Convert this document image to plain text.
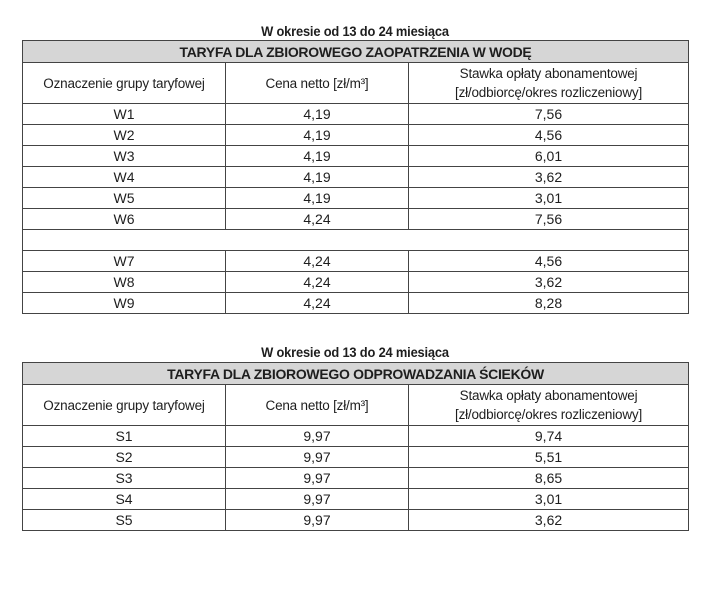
W okresie od 13 do 24 miesiąca
TARYFA DLA ZBIOROWEGO ZAOPATRZENIA W WODĘ		
Oznaczenie grupy taryfowej	Cena netto [zł/m³]	Stawka opłaty abonamentowej
[zł/odbiorcę/okres rozliczeniowy]

W1	4,19	7,56
W2	4,19	4,56
W3	4,19	6,01
W4	4,19	3,62
W5	4,19	3,01
W6	4,24	7,56

W7	4,24	4,56
W8	4,24	3,62
W9	4,24	8,28
W okresie od 13 do 24 miesiąca
TARYFA DLA ZBIOROWEGO ODPROWADZANIA ŚCIEKÓW		
Oznaczenie grupy taryfowej	Cena netto [zł/m³]	Stawka opłaty abonamentowej
[zł/odbiorcę/okres rozliczeniowy]

S1	9,97	9,74
S2	9,97	5,51
S3	9,97	8,65
S4	9,97	3,01
S5	9,97	3,62
